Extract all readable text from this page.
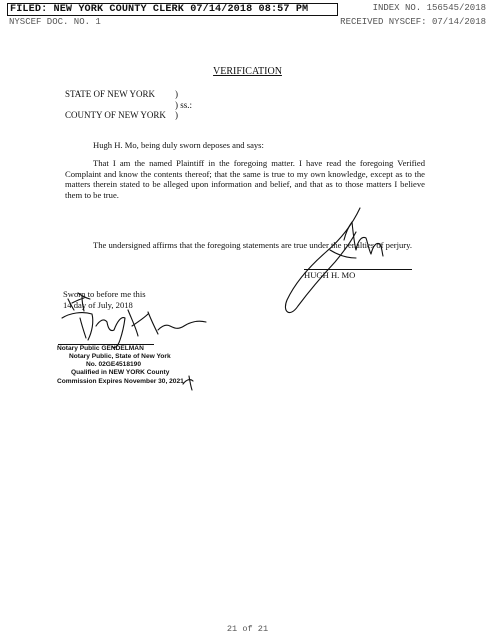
FILED: NEW YORK COUNTY CLERK 07/14/2018 08:57 PM	INDEX NO. 156545/2018
NYSCEF DOC. NO. 1	RECEIVED NYSCEF: 07/14/2018
VERIFICATION
STATE OF NEW YORK )
) ss.:
COUNTY OF NEW YORK )
Hugh H. Mo, being duly sworn deposes and says:
That I am the named Plaintiff in the foregoing matter. I have read the foregoing Verified Complaint and know the contents thereof; that the same is true to my own knowledge, except as to the matters therein stated to be alleged upon information and belief, and that as to those matters I believe them to be true.
The undersigned affirms that the foregoing statements are true under the penalties of perjury.
HUGH H. MO
Sworn to before me this
14 day of July, 2018
Notary Public GENDELMAN
Notary Public, State of New York
No. 02GE4518190
Qualified in NEW YORK County
Commission Expires November 30, 2021
21 of 21
